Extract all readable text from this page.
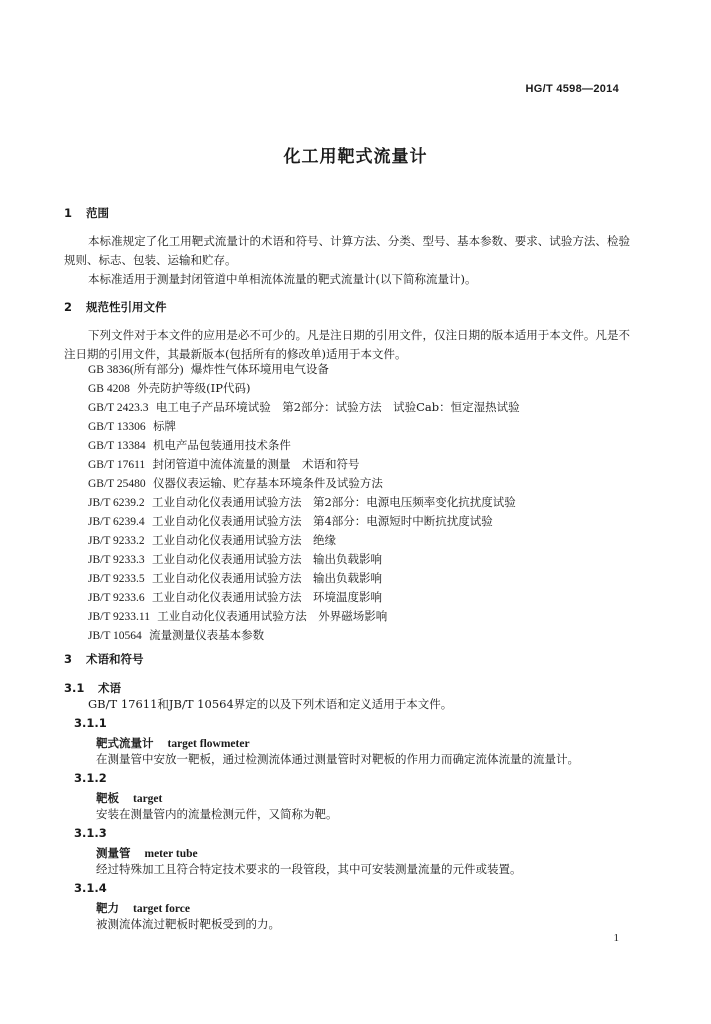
HG/T 4598—2014
化工用靶式流量计
1 范围
本标准规定了化工用靶式流量计的术语和符号、计算方法、分类、型号、基本参数、要求、试验方法、检验规则、标志、包装、运输和贮存。
本标准适用于测量封闭管道中单相流体流量的靶式流量计(以下简称流量计)。
2 规范性引用文件
下列文件对于本文件的应用是必不可少的。凡是注日期的引用文件，仅注日期的版本适用于本文件。凡是不注日期的引用文件，其最新版本(包括所有的修改单)适用于本文件。
GB 3836(所有部分) 爆炸性气体环境用电气设备
GB 4208 外壳防护等级(IP代码)
GB/T 2423.3 电工电子产品环境试验　第2部分：试验方法　试验Cab：恒定湿热试验
GB/T 13306 标牌
GB/T 13384 机电产品包装通用技术条件
GB/T 17611 封闭管道中流体流量的测量　术语和符号
GB/T 25480 仪器仪表运输、贮存基本环境条件及试验方法
JB/T 6239.2 工业自动化仪表通用试验方法　第2部分：电源电压频率变化抗扰度试验
JB/T 6239.4 工业自动化仪表通用试验方法　第4部分：电源短时中断抗扰度试验
JB/T 9233.2 工业自动化仪表通用试验方法　绝缘
JB/T 9233.3 工业自动化仪表通用试验方法　输出负载影响
JB/T 9233.5 工业自动化仪表通用试验方法　输出负载影响
JB/T 9233.6 工业自动化仪表通用试验方法　环境温度影响
JB/T 9233.11 工业自动化仪表通用试验方法　外界磁场影响
JB/T 10564 流量测量仪表基本参数
3 术语和符号
3.1 术语
GB/T 17611和JB/T 10564界定的以及下列术语和定义适用于本文件。
3.1.1
靶式流量计 target flowmeter
在测量管中安放一靶板，通过检测流体通过测量管时对靶板的作用力而确定流体流量的流量计。
3.1.2
靶板 target
安装在测量管内的流量检测元件，又简称为靶。
3.1.3
测量管 meter tube
经过特殊加工且符合特定技术要求的一段管段，其中可安装测量流量的元件或装置。
3.1.4
靶力 target force
被测流体流过靶板时靶板受到的力。
1
